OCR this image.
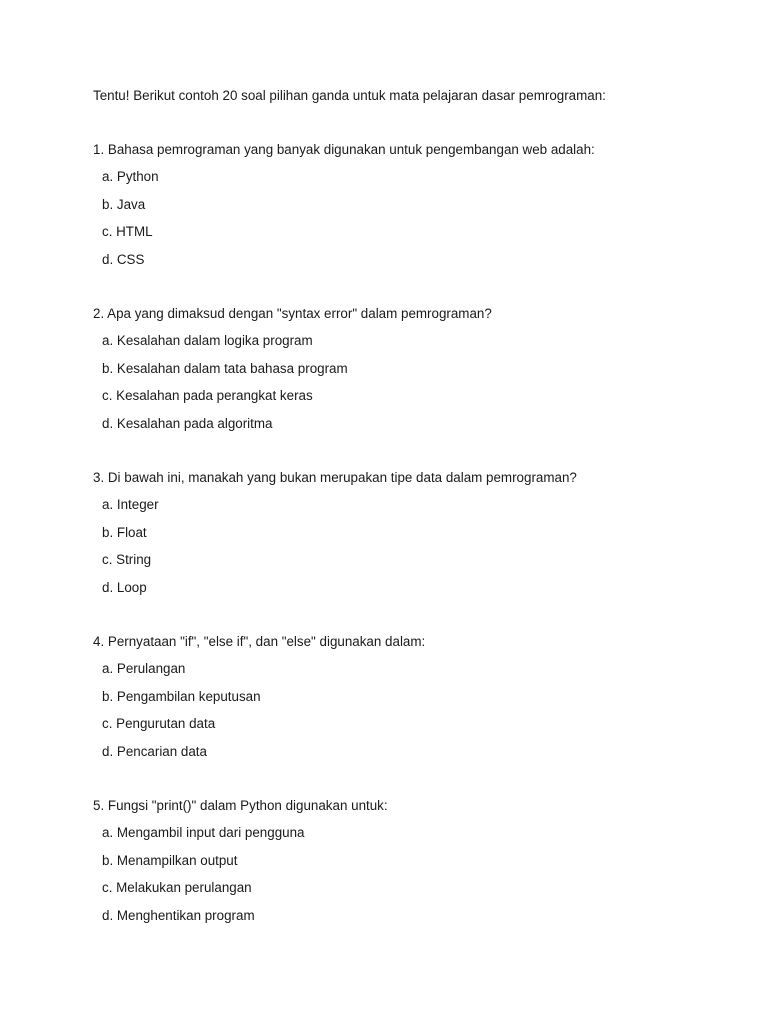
Tentu! Berikut contoh 20 soal pilihan ganda untuk mata pelajaran dasar pemrograman:
1. Bahasa pemrograman yang banyak digunakan untuk pengembangan web adalah:
a. Python
b. Java
c. HTML
d. CSS
2. Apa yang dimaksud dengan "syntax error" dalam pemrograman?
a. Kesalahan dalam logika program
b. Kesalahan dalam tata bahasa program
c. Kesalahan pada perangkat keras
d. Kesalahan pada algoritma
3. Di bawah ini, manakah yang bukan merupakan tipe data dalam pemrograman?
a. Integer
b. Float
c. String
d. Loop
4. Pernyataan "if", "else if", dan "else" digunakan dalam:
a. Perulangan
b. Pengambilan keputusan
c. Pengurutan data
d. Pencarian data
5. Fungsi "print()" dalam Python digunakan untuk:
a. Mengambil input dari pengguna
b. Menampilkan output
c. Melakukan perulangan
d. Menghentikan program
